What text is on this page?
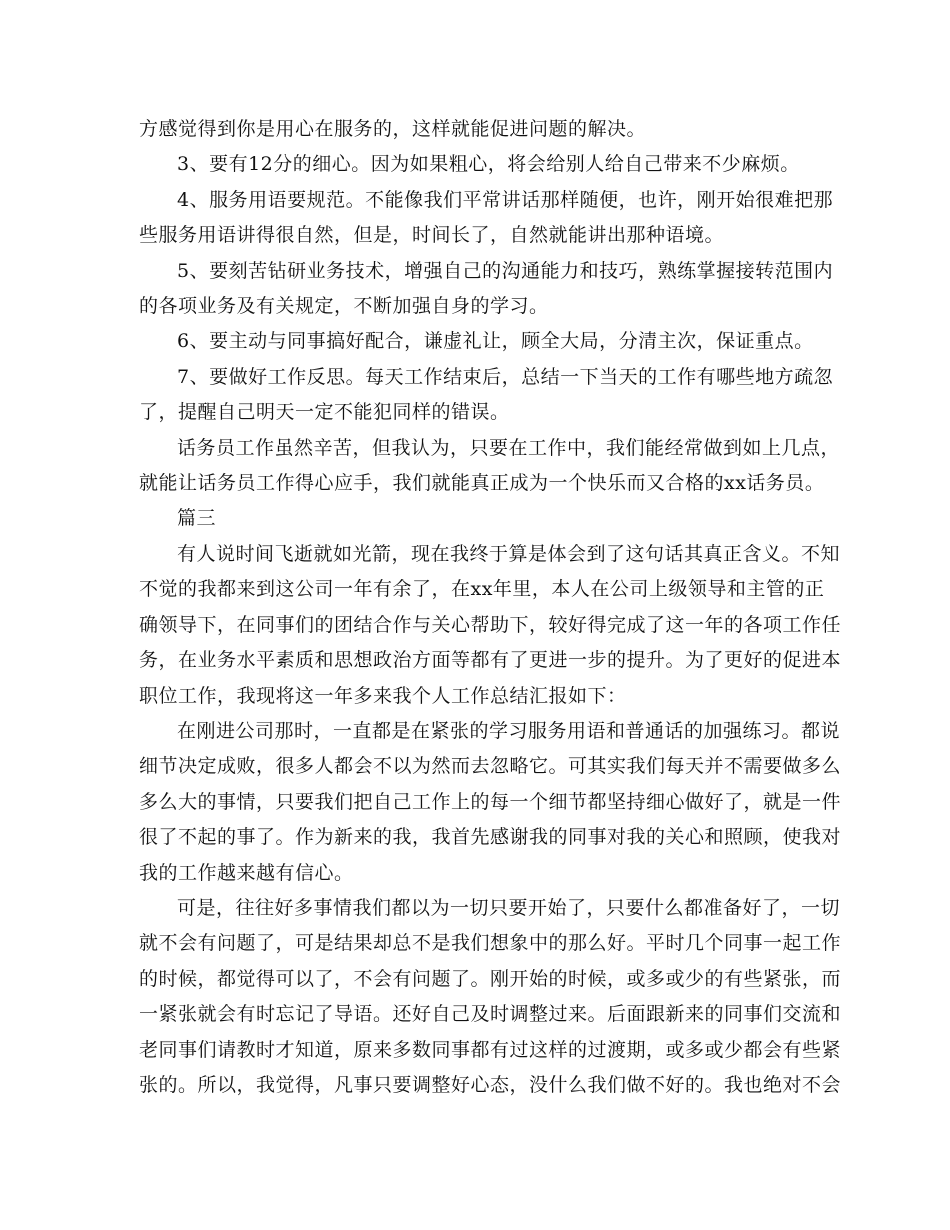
方感觉得到你是用心在服务的，这样就能促进问题的解决。
3、要有12分的细心。因为如果粗心，将会给别人给自己带来不少麻烦。
4、服务用语要规范。不能像我们平常讲话那样随便，也许，刚开始很难把那
些服务用语讲得很自然，但是，时间长了，自然就能讲出那种语境。
5、要刻苦钻研业务技术，增强自己的沟通能力和技巧，熟练掌握接转范围内
的各项业务及有关规定，不断加强自身的学习。
6、要主动与同事搞好配合，谦虚礼让，顾全大局，分清主次，保证重点。
7、要做好工作反思。每天工作结束后，总结一下当天的工作有哪些地方疏忽
了，提醒自己明天一定不能犯同样的错误。
话务员工作虽然辛苦，但我认为，只要在工作中，我们能经常做到如上几点，
就能让话务员工作得心应手，我们就能真正成为一个快乐而又合格的xx话务员。
篇三
有人说时间飞逝就如光箭，现在我终于算是体会到了这句话其真正含义。不知
不觉的我都来到这公司一年有余了，在xx年里，本人在公司上级领导和主管的正
确领导下，在同事们的团结合作与关心帮助下，较好得完成了这一年的各项工作任
务，在业务水平素质和思想政治方面等都有了更进一步的提升。为了更好的促进本
职位工作，我现将这一年多来我个人工作总结汇报如下：
在刚进公司那时，一直都是在紧张的学习服务用语和普通话的加强练习。都说
细节决定成败，很多人都会不以为然而去忽略它。可其实我们每天并不需要做多么
多么大的事情，只要我们把自己工作上的每一个细节都坚持细心做好了，就是一件
很了不起的事了。作为新来的我，我首先感谢我的同事对我的关心和照顾，使我对
我的工作越来越有信心。
可是，往往好多事情我们都以为一切只要开始了，只要什么都准备好了，一切
就不会有问题了，可是结果却总不是我们想象中的那么好。平时几个同事一起工作
的时候，都觉得可以了，不会有问题了。刚开始的时候，或多或少的有些紧张，而
一紧张就会有时忘记了导语。还好自己及时调整过来。后面跟新来的同事们交流和
老同事们请教时才知道，原来多数同事都有过这样的过渡期，或多或少都会有些紧
张的。所以，我觉得，凡事只要调整好心态，没什么我们做不好的。我也绝对不会
